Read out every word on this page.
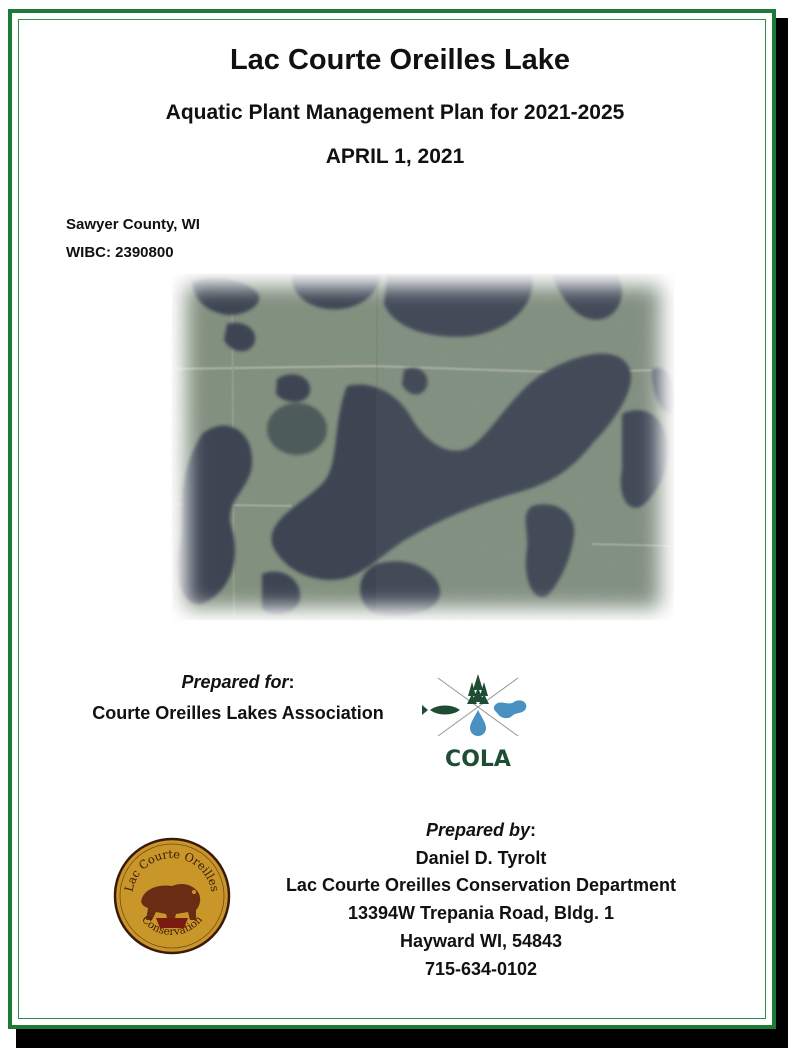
Lac Courte Oreilles Lake
Aquatic Plant Management Plan for 2021-2025
APRIL 1, 2021
Sawyer County, WI
WIBC: 2390800
Prepared for:
Courte Oreilles Lakes Association
COLA
Lac Courte Oreilles
Conservation
Prepared by:
Daniel D. Tyrolt
Lac Courte Oreilles Conservation Department
13394W Trepania Road, Bldg. 1
Hayward WI, 54843
715-634-0102
